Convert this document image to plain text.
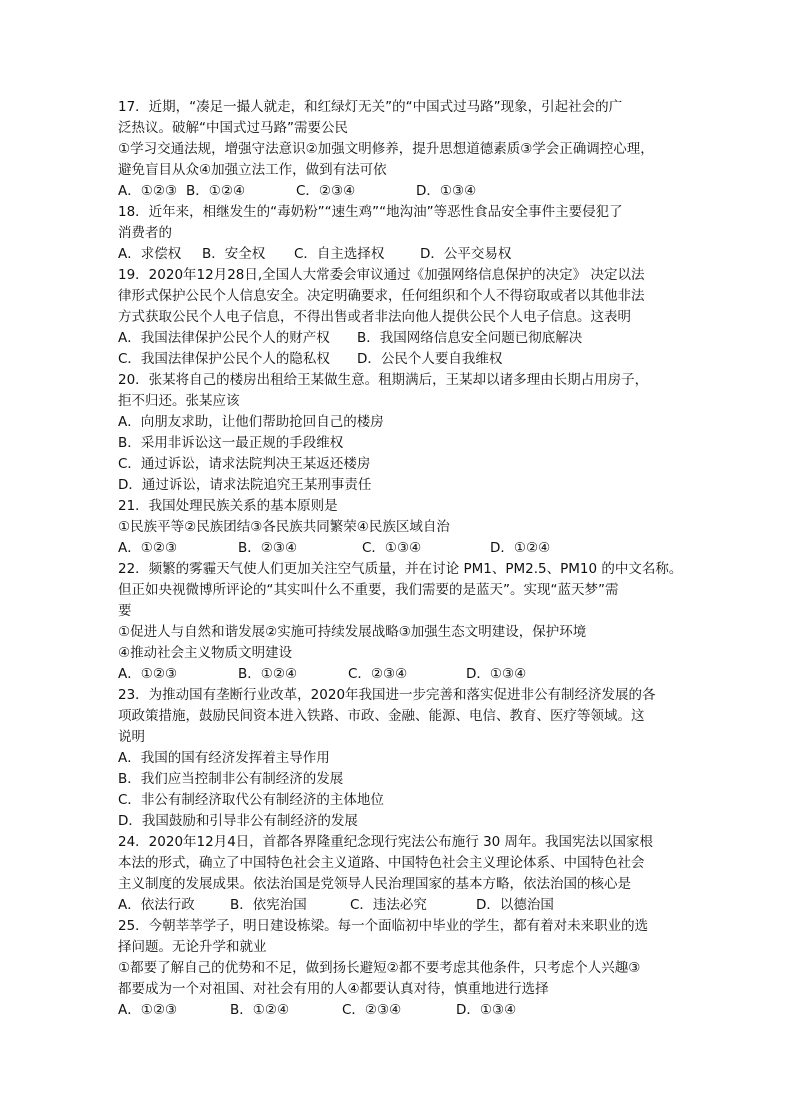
17．近期，“凑足一撮人就走，和红绿灯无关”的“中国式过马路”现象，引起社会的广
泛热议。破解“中国式过马路”需要公民
①学习交通法规，增强守法意识②加强文明修养，提升思想道德素质③学会正确调控心理，
避免盲目从众④加强立法工作，做到有法可依
A．①②③ B．①②④	C．②③④	D．①③④
18．近年来，相继发生的“毒奶粉”“速生鸡”“地沟油”等恶性食品安全事件主要侵犯了
消费者的
A．求偿权	B．安全权	C．自主选择权	D．公平交易权
19．2020年12月28日,全国人大常委会审议通过《加强网络信息保护的决定》 决定以法
律形式保护公民个人信息安全。决定明确要求，任何组织和个人不得窃取或者以其他非法
方式获取公民个人电子信息，不得出售或者非法向他人提供公民个人电子信息。这表明
A．我国法律保护公民个人的财产权	B．我国网络信息安全问题已彻底解决
C．我国法律保护公民个人的隐私权	D．公民个人要自我维权
20．张某将自己的楼房出租给王某做生意。租期满后，王某却以诸多理由长期占用房子，
拒不归还。张某应该
A．向朋友求助，让他们帮助抢回自己的楼房
B．采用非诉讼这一最正规的手段维权
C．通过诉讼，请求法院判决王某返还楼房
D．通过诉讼，请求法院追究王某刑事责任
21．我国处理民族关系的基本原则是
①民族平等②民族团结③各民族共同繁荣④民族区域自治
A．①②③	B．②③④	C．①③④	D．①②④
22．频繁的雾霾天气使人们更加关注空气质量，并在讨论 PM1、PM2.5、PM10 的中文名称。
但正如央视微博所评论的“其实叫什么不重要，我们需要的是蓝天”。实现“蓝天梦”需
要
①促进人与自然和谐发展②实施可持续发展战略③加强生态文明建设，保护环境
④推动社会主义物质文明建设
A．①②③	B．①②④	C．②③④	D．①③④
23．为推动国有垄断行业改革，2020年我国进一步完善和落实促进非公有制经济发展的各
项政策措施，鼓励民间资本进入铁路、市政、金融、能源、电信、教育、医疗等领域。这
说明
A．我国的国有经济发挥着主导作用
B．我们应当控制非公有制经济的发展
C．非公有制经济取代公有制经济的主体地位
D．我国鼓励和引导非公有制经济的发展
24．2020年12月4日，首都各界隆重纪念现行宪法公布施行 30 周年。我国宪法以国家根
本法的形式，确立了中国特色社会主义道路、中国特色社会主义理论体系、中国特色社会
主义制度的发展成果。依法治国是党领导人民治理国家的基本方略，依法治国的核心是
A．依法行政	B．依宪治国	C．违法必究	D．以德治国
25．今朝莘莘学子，明日建设栋梁。每一个面临初中毕业的学生，都有着对未来职业的选
择问题。无论升学和就业
①都要了解自己的优势和不足，做到扬长避短②都不要考虑其他条件，只考虑个人兴趣③
都要成为一个对祖国、对社会有用的人④都要认真对待，慎重地进行选择
A．①②③	B．①②④	C．②③④	D．①③④
